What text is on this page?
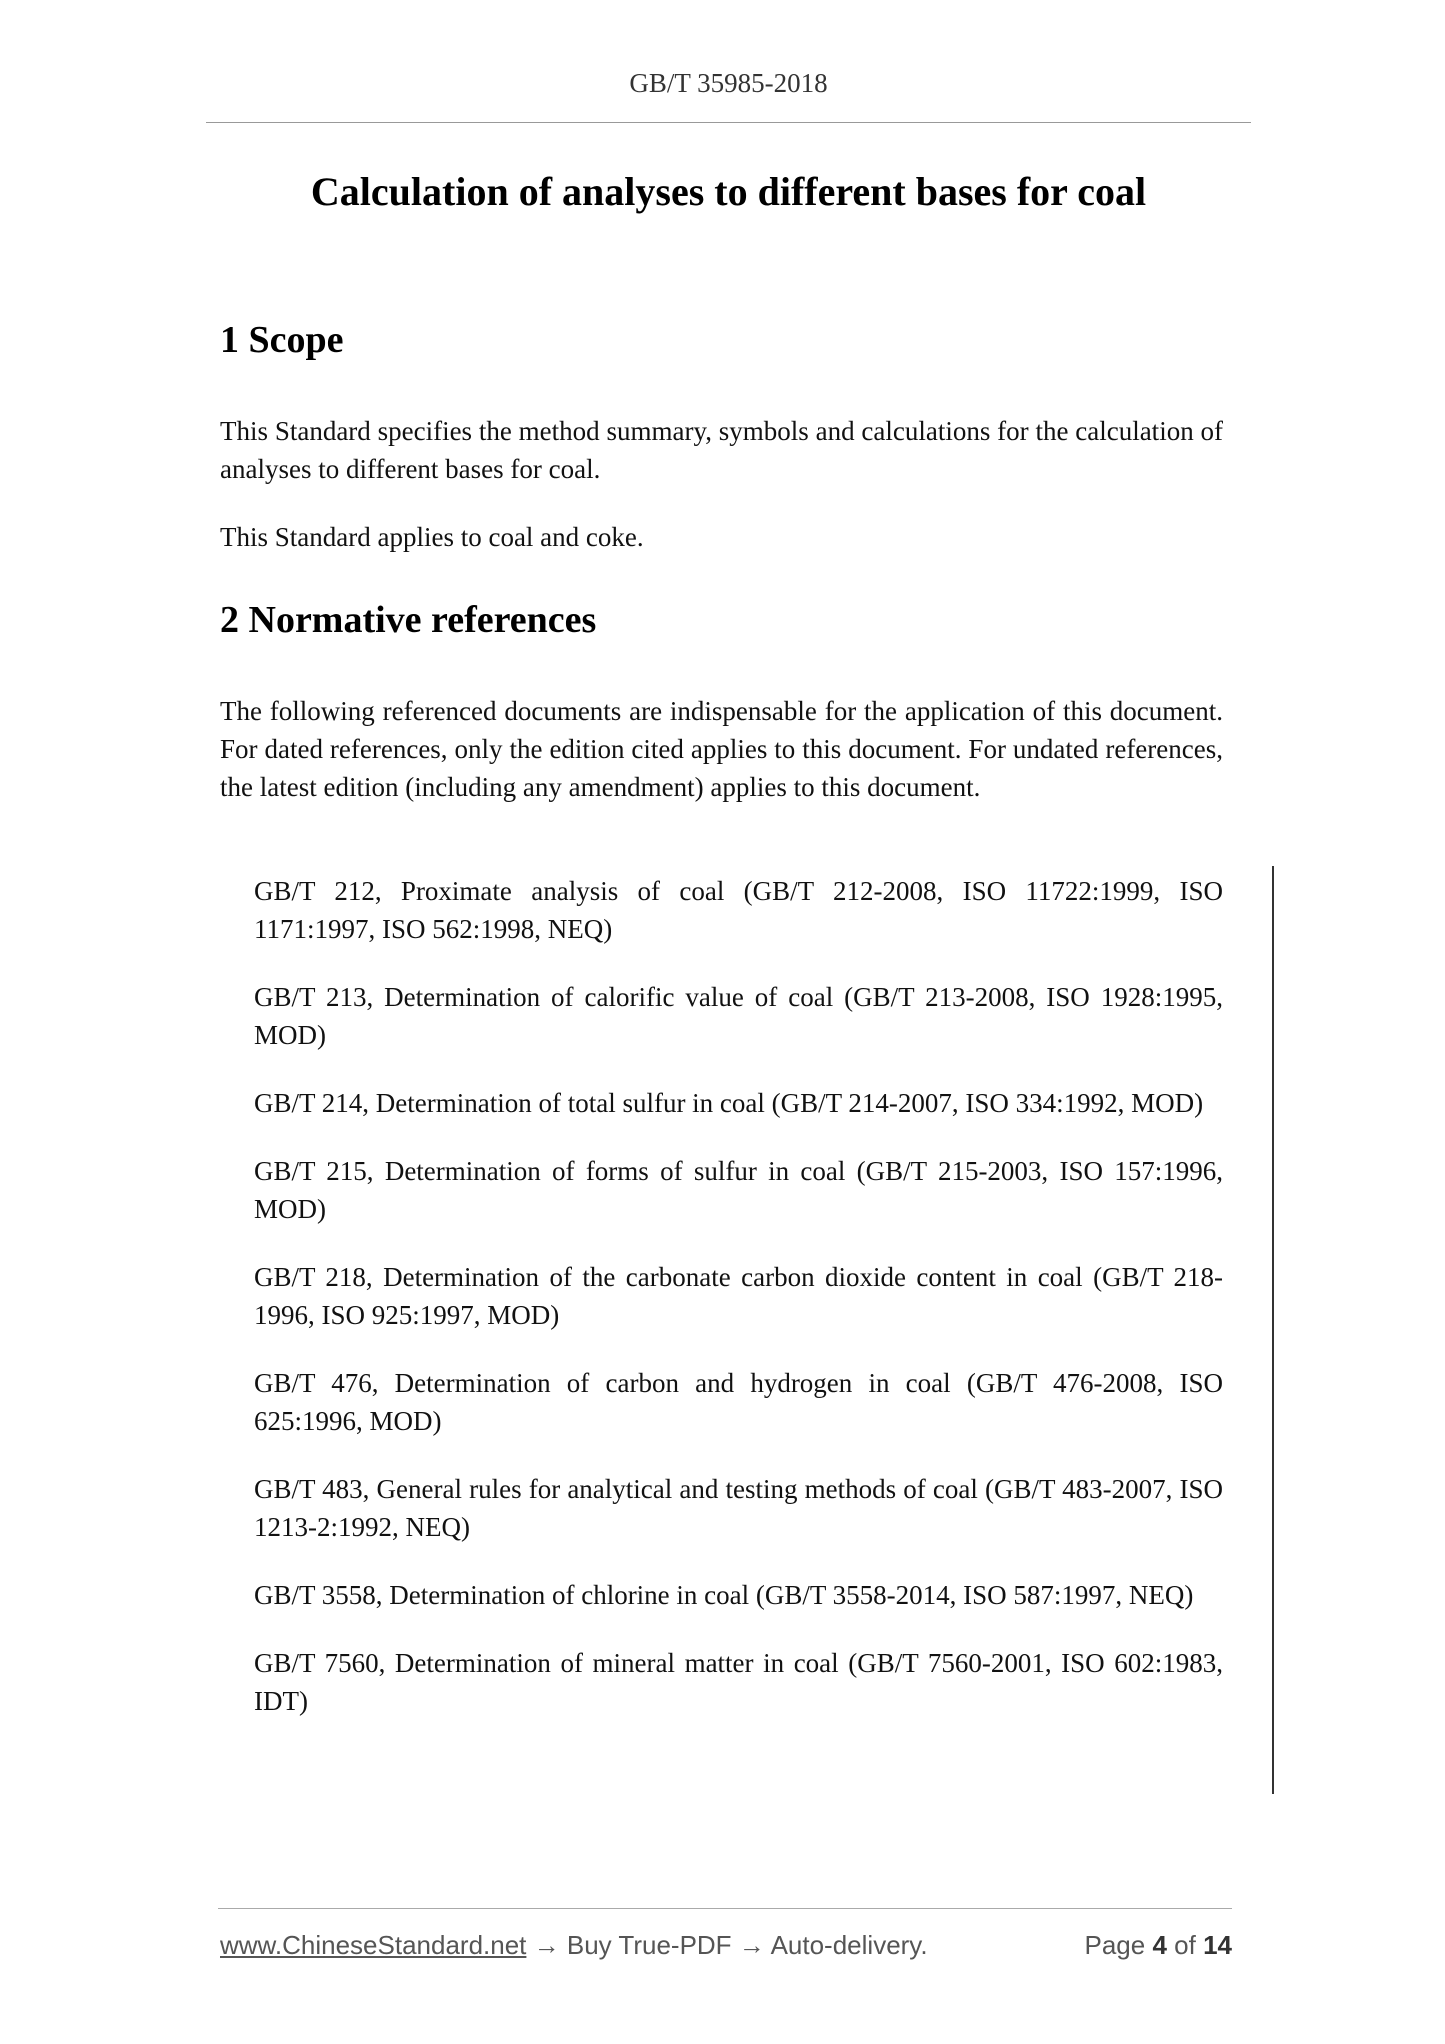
GB/T 35985-2018
Calculation of analyses to different bases for coal
1 Scope
This Standard specifies the method summary, symbols and calculations for the calculation of analyses to different bases for coal.
This Standard applies to coal and coke.
2 Normative references
The following referenced documents are indispensable for the application of this document. For dated references, only the edition cited applies to this document. For undated references, the latest edition (including any amendment) applies to this document.

GB/T 212, Proximate analysis of coal (GB/T 212-2008, ISO 11722:1999, ISO 1171:1997, ISO 562:1998, NEQ)

GB/T 213, Determination of calorific value of coal (GB/T 213-2008, ISO 1928:1995, MOD)

GB/T 214, Determination of total sulfur in coal (GB/T 214-2007, ISO 334:1992, MOD)

GB/T 215, Determination of forms of sulfur in coal (GB/T 215-2003, ISO 157:1996, MOD)

GB/T 218, Determination of the carbonate carbon dioxide content in coal (GB/T 218-1996, ISO 925:1997, MOD)

GB/T 476, Determination of carbon and hydrogen in coal (GB/T 476-2008, ISO 625:1996, MOD)

GB/T 483, General rules for analytical and testing methods of coal (GB/T 483-2007, ISO 1213-2:1992, NEQ)

GB/T 3558, Determination of chlorine in coal (GB/T 3558-2014, ISO 587:1997, NEQ)

GB/T 7560, Determination of mineral matter in coal (GB/T 7560-2001, ISO 602:1983, IDT)

www.ChineseStandard.net → Buy True-PDF → Auto-delivery.	Page 4 of 14
